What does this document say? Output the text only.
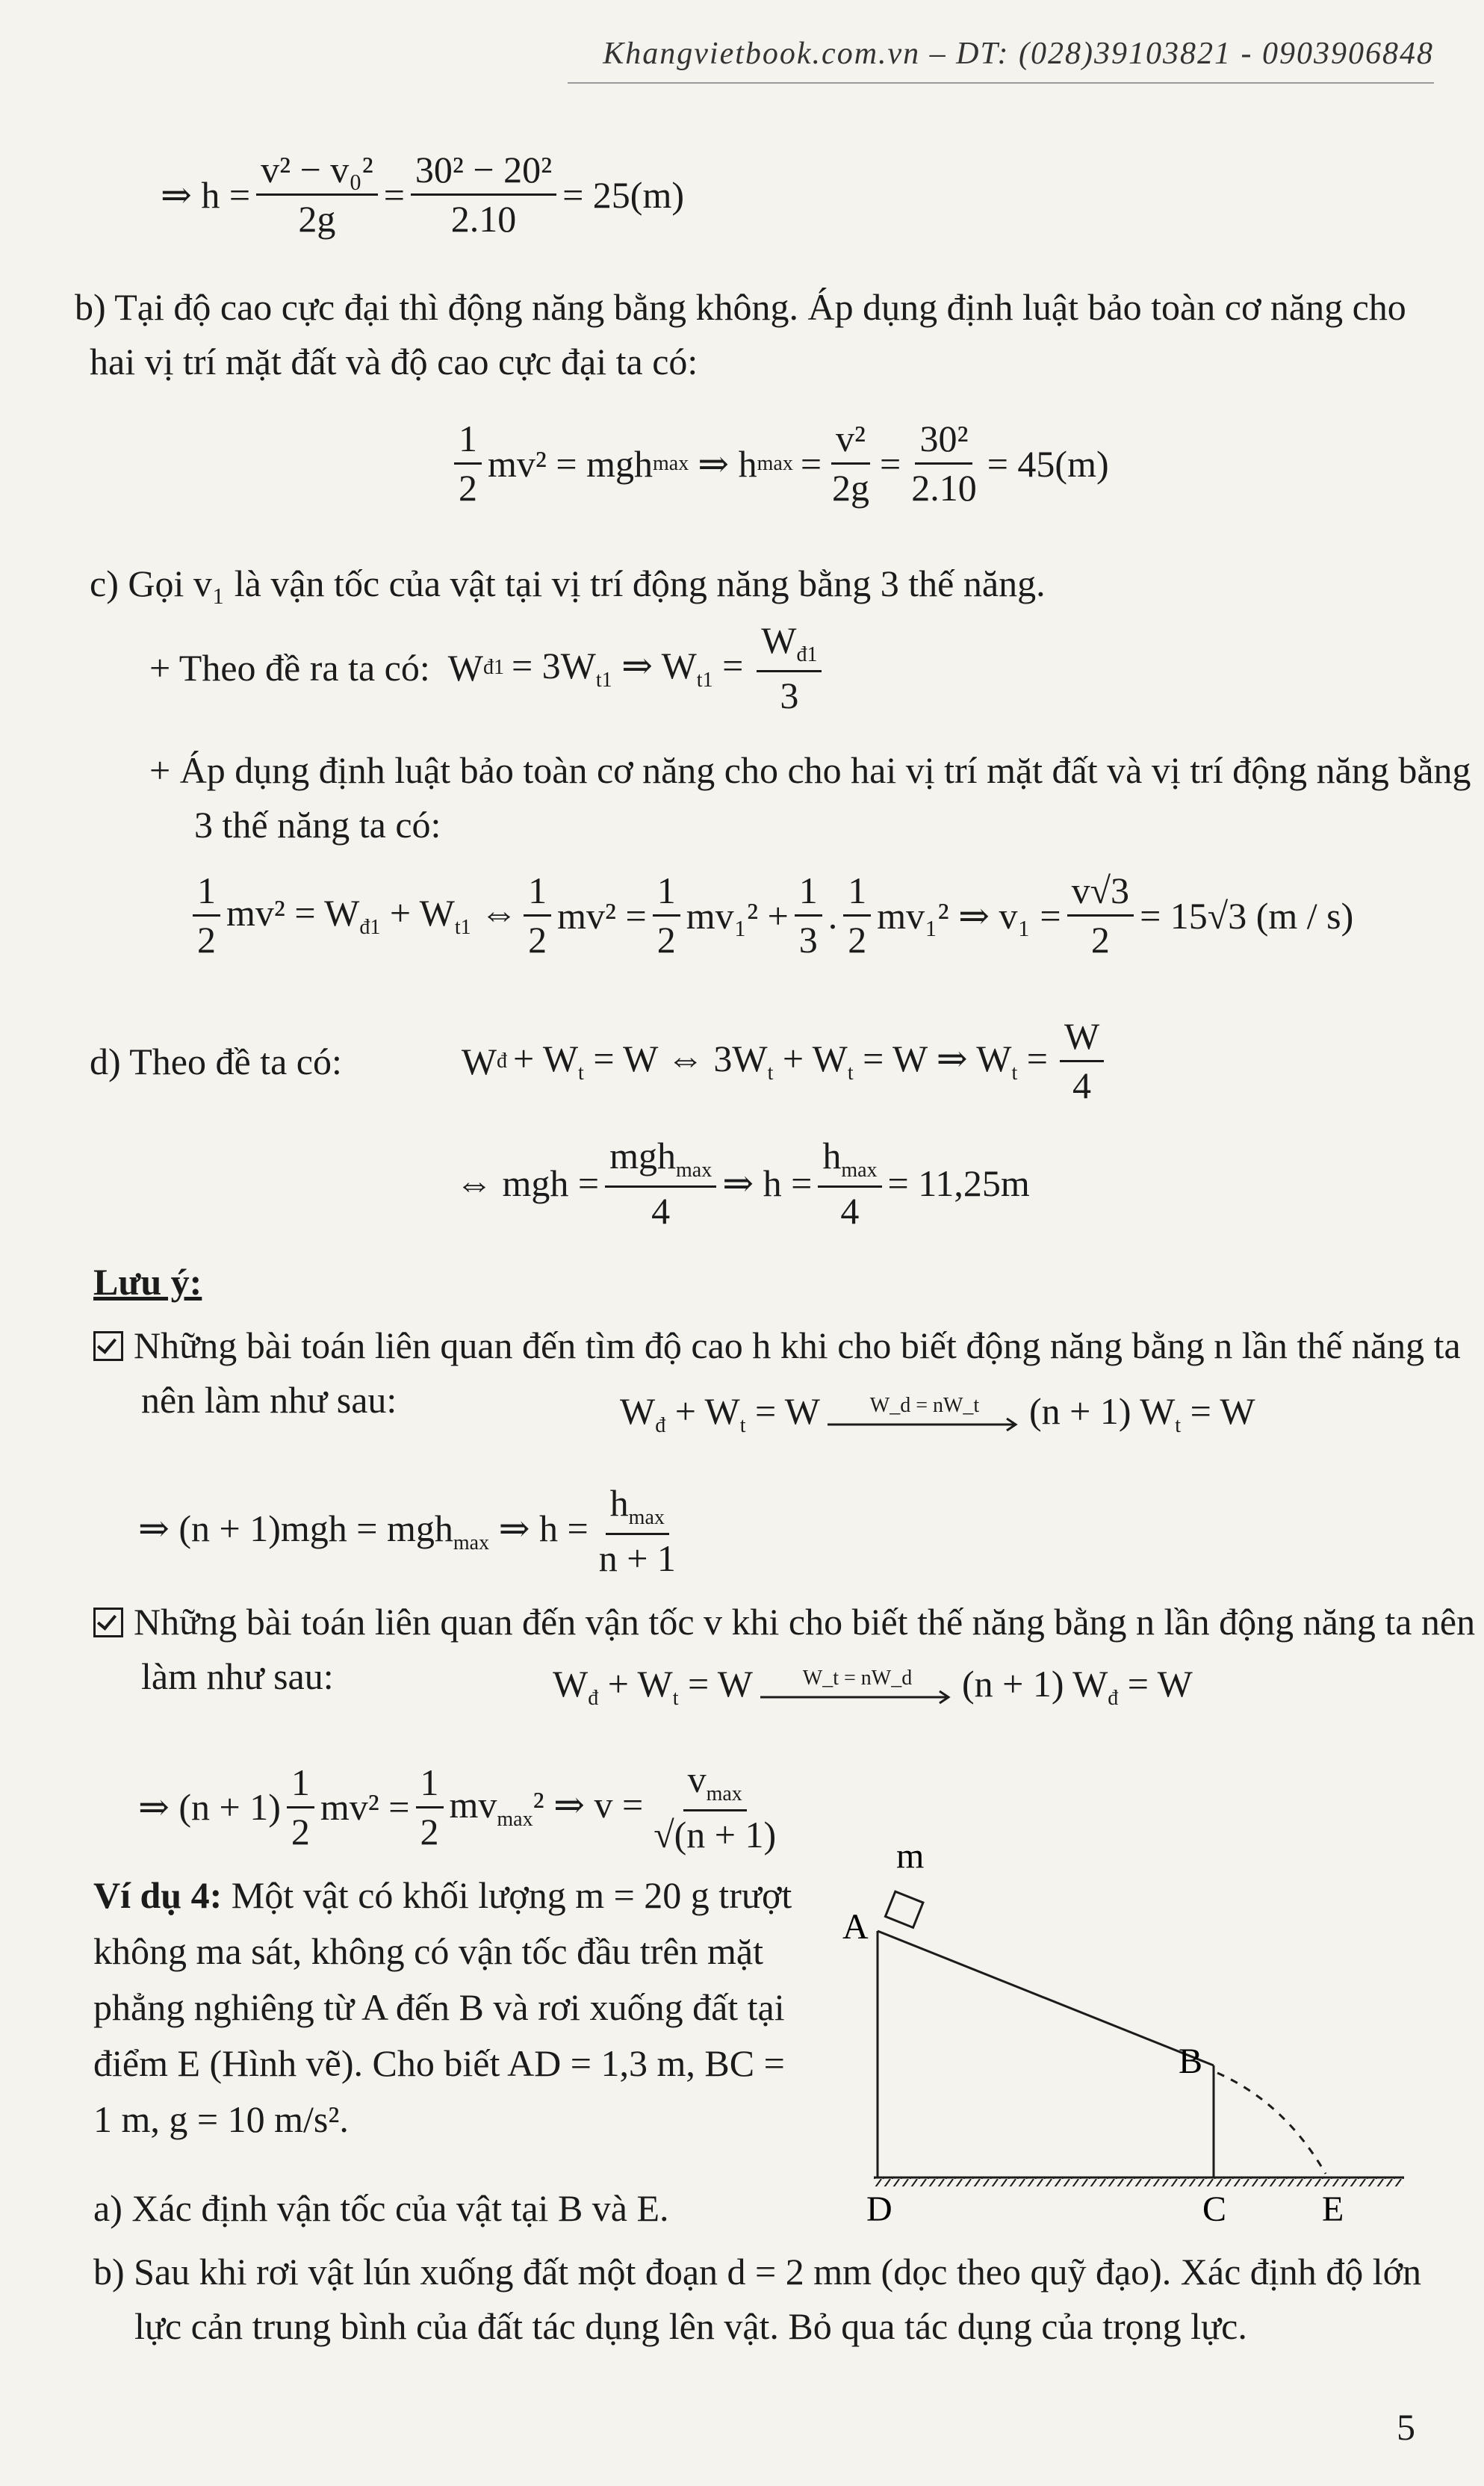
Khangvietbook.com.vn – DT: (028)39103821 - 0903906848
⇒ $h = \frac{\text{v² − v₀²}}{2g} = \frac{\text{30² − 20²}}{2.10} = 25(m)$
b) Tại độ cao cực đại thì động năng bằng không. Áp dụng định luật bảo toàn cơ năng cho hai vị trí mặt đất và độ cao cực đại ta có:
$\frac{1}{2} mv^2$ = mgh max ⇒ h $\max = \frac{\text{v²}}{2g} = \frac{\text{30²}}{2.10} = 45(m)$
c) Gọi v₁ là vận tốc của vật tại vị trí động năng bằng 3 thế năng.
+ Theo đề ra ta có: W đ1 = $3W_{t1}$ ⇒ $W_{t1} = \frac{W_{đ1}}{3}$
+ Áp dụng định luật bảo toàn cơ năng cho cho hai vị trí mặt đất và vị trí động năng bằng 3 thế năng ta có:
$\frac{1}{2} mv^2 = W_{đ1} + W_{t1}$ ⇔ $\frac{1}{2} mv^2 = \frac{1}{2} mv_1^2 + \frac{1}{3}$ . $\frac{1}{2} mv_1^2$ ⇒ $v_1 = \frac{v√3}{2} = 15√3$ (m / s)
d) Theo đề ta có:	W đ + $W_t = W$ ⇔ $3W_t + W_t = W$ ⇒ $W_t = \frac{W}{4}$
⇔ mgh = $\frac{mgh_{max}}{4}$ ⇒ $h = \frac{h_{max}}{4} = 11,25m$
Lưu ý:
Những bài toán liên quan đến tìm độ cao h khi cho biết động năng bằng n lần thế năng ta nên làm như sau:	$W_đ + W_t = W$ W_d = nW_t (n + 1) $W_t = W$
⇒ (n + 1)mgh = mgh$_{max}$ ⇒ $h = \frac{h_{max}}{n + 1}$
Những bài toán liên quan đến vận tốc v khi cho biết thế năng bằng n lần động năng ta nên làm như sau:	$W_đ + W_t = W$ W_t = nW_d (n + 1) $W_đ = W$
⇒ $(n + 1) \frac{1}{2} mv^2 = \frac{1}{2} mv_{max}^2$ ⇒ $v = \frac{v_{max}}{√(n + 1)}$
Ví dụ 4: Một vật có khối lượng m = 20 g trượt không ma sát, không có vận tốc đầu trên mặt phẳng nghiêng từ A đến B và rơi xuống đất tại điểm E (Hình vẽ). Cho biết AD = 1,3 m, BC = 1 m, g = 10 m/s².
a) Xác định vận tốc của vật tại B và E.
b) Sau khi rơi vật lún xuống đất một đoạn d = 2 mm (dọc theo quỹ đạo). Xác định độ lớn lực cản trung bình của đất tác dụng lên vật. Bỏ qua tác dụng của trọng lực.
m
A
B
D	C	E
5
